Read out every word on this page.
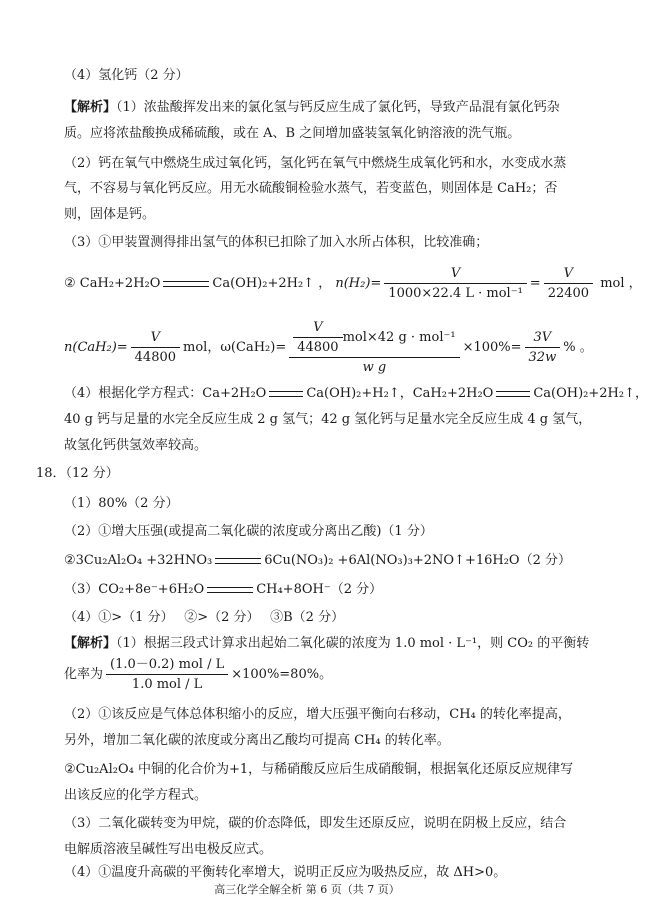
（4）氢化钙（2 分）
【解析】（1）浓盐酸挥发出来的氯化氢与钙反应生成了氯化钙，导致产品混有氯化钙杂
质。应将浓盐酸换成稀硫酸，或在 A、B 之间增加盛装氢氧化钠溶液的洗气瓶。
（2）钙在氧气中燃烧生成过氧化钙，氢化钙在氧气中燃烧生成氧化钙和水，水变成水蒸
气，不容易与氧化钙反应。用无水硫酸铜检验水蒸气，若变蓝色，则固体是 CaH₂；否
则，固体是钙。
（3）①甲装置测得排出氢气的体积已扣除了加入水所占体积，比较准确；
② CaH₂+2H₂O	Ca(OH)₂+2H₂↑ ， $n(H_2)= \frac{V}{\text{1000×22.4 L · mol⁻¹}} = \frac{V}{22400}$ mol ，
$n(CaH_2)= \frac{V}{44800}$ mol，$\omega(CaH_2)= \frac{\frac{V}{44800} mol\times 42 g \cdot mol^{-1}}{\text{w g}} \times 100\%= \frac{3V}{32w}$ % 。
（4）根据化学方程式：Ca+2H₂O	Ca(OH)₂+H₂↑，CaH₂+2H₂O	Ca(OH)₂+2H₂↑，
40 g 钙与足量的水完全反应生成 2 g 氢气；42 g 氢化钙与足量水完全反应生成 4 g 氢气，
故氢化钙供氢效率较高。
18．（12 分）
（1）80%（2 分）
（2）①增大压强(或提高二氧化碳的浓度或分离出乙酸)（1 分）
②3Cu₂Al₂O₄ +32HNO₃	6Cu(NO₃)₂ +6Al(NO₃)₃+2NO↑+16H₂O（2 分）
（3）CO₂+8e⁻+6H₂O	CH₄+8OH⁻（2 分）
（4）①>（1 分）　 ②>（2 分）　 ③B（2 分）
【解析】（1）根据三段式计算求出起始二氧化碳的浓度为 1.0 mol · L⁻¹，则 CO₂ 的平衡转
化率为 $\frac{\text{(1.0－0.2) mol / L}}{\text{1.0 mol / L}} \times 100\%=80\%$。
（2）①该反应是气体总体积缩小的反应，增大压强平衡向右移动，CH₄ 的转化率提高，
另外，增加二氧化碳的浓度或分离出乙酸均可提高 CH₄ 的转化率。
②Cu₂Al₂O₄ 中铜的化合价为+1，与稀硝酸反应后生成硝酸铜，根据氧化还原反应规律写
出该反应的化学方程式。
（3）二氧化碳转变为甲烷，碳的价态降低，即发生还原反应，说明在阴极上反应，结合
电解质溶液呈碱性写出电极反应式。
（4）①温度升高碳的平衡转化率增大，说明正反应为吸热反应，故 ΔH>0。
高三化学全解全析 第 6 页（共 7 页）
